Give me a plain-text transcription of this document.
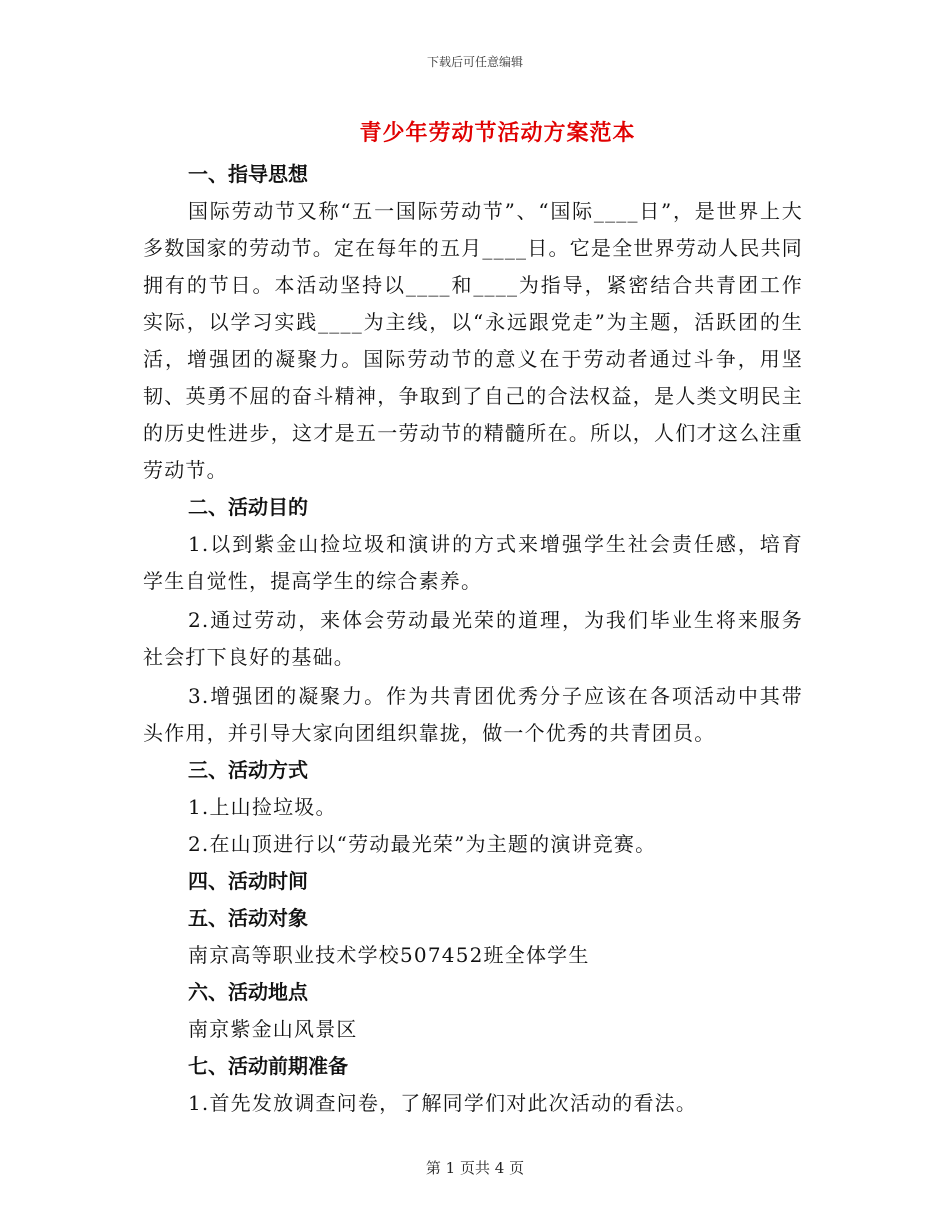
下载后可任意编辑
青少年劳动节活动方案范本
一、指导思想

国际劳动节又称“五一国际劳动节”、“国际____日”，是世界上大多数国家的劳动节。定在每年的五月____日。它是全世界劳动人民共同拥有的节日。本活动坚持以____和____为指导，紧密结合共青团工作实际，以学习实践____为主线，以“永远跟党走”为主题，活跃团的生活，增强团的凝聚力。国际劳动节的意义在于劳动者通过斗争，用坚韧、英勇不屈的奋斗精神，争取到了自己的合法权益，是人类文明民主的历史性进步，这才是五一劳动节的精髓所在。所以，人们才这么注重劳动节。

二、活动目的

1.以到紫金山捡垃圾和演讲的方式来增强学生社会责任感，培育学生自觉性，提高学生的综合素养。

2.通过劳动，来体会劳动最光荣的道理，为我们毕业生将来服务社会打下良好的基础。

3.增强团的凝聚力。作为共青团优秀分子应该在各项活动中其带头作用，并引导大家向团组织靠拢，做一个优秀的共青团员。

三、活动方式
1.上山捡垃圾。
2.在山顶进行以“劳动最光荣”为主题的演讲竞赛。
四、活动时间
五、活动对象
南京高等职业技术学校507452班全体学生
六、活动地点
南京紫金山风景区
七、活动前期准备
1.首先发放调查问卷，了解同学们对此次活动的看法。
第 1 页共 4 页
